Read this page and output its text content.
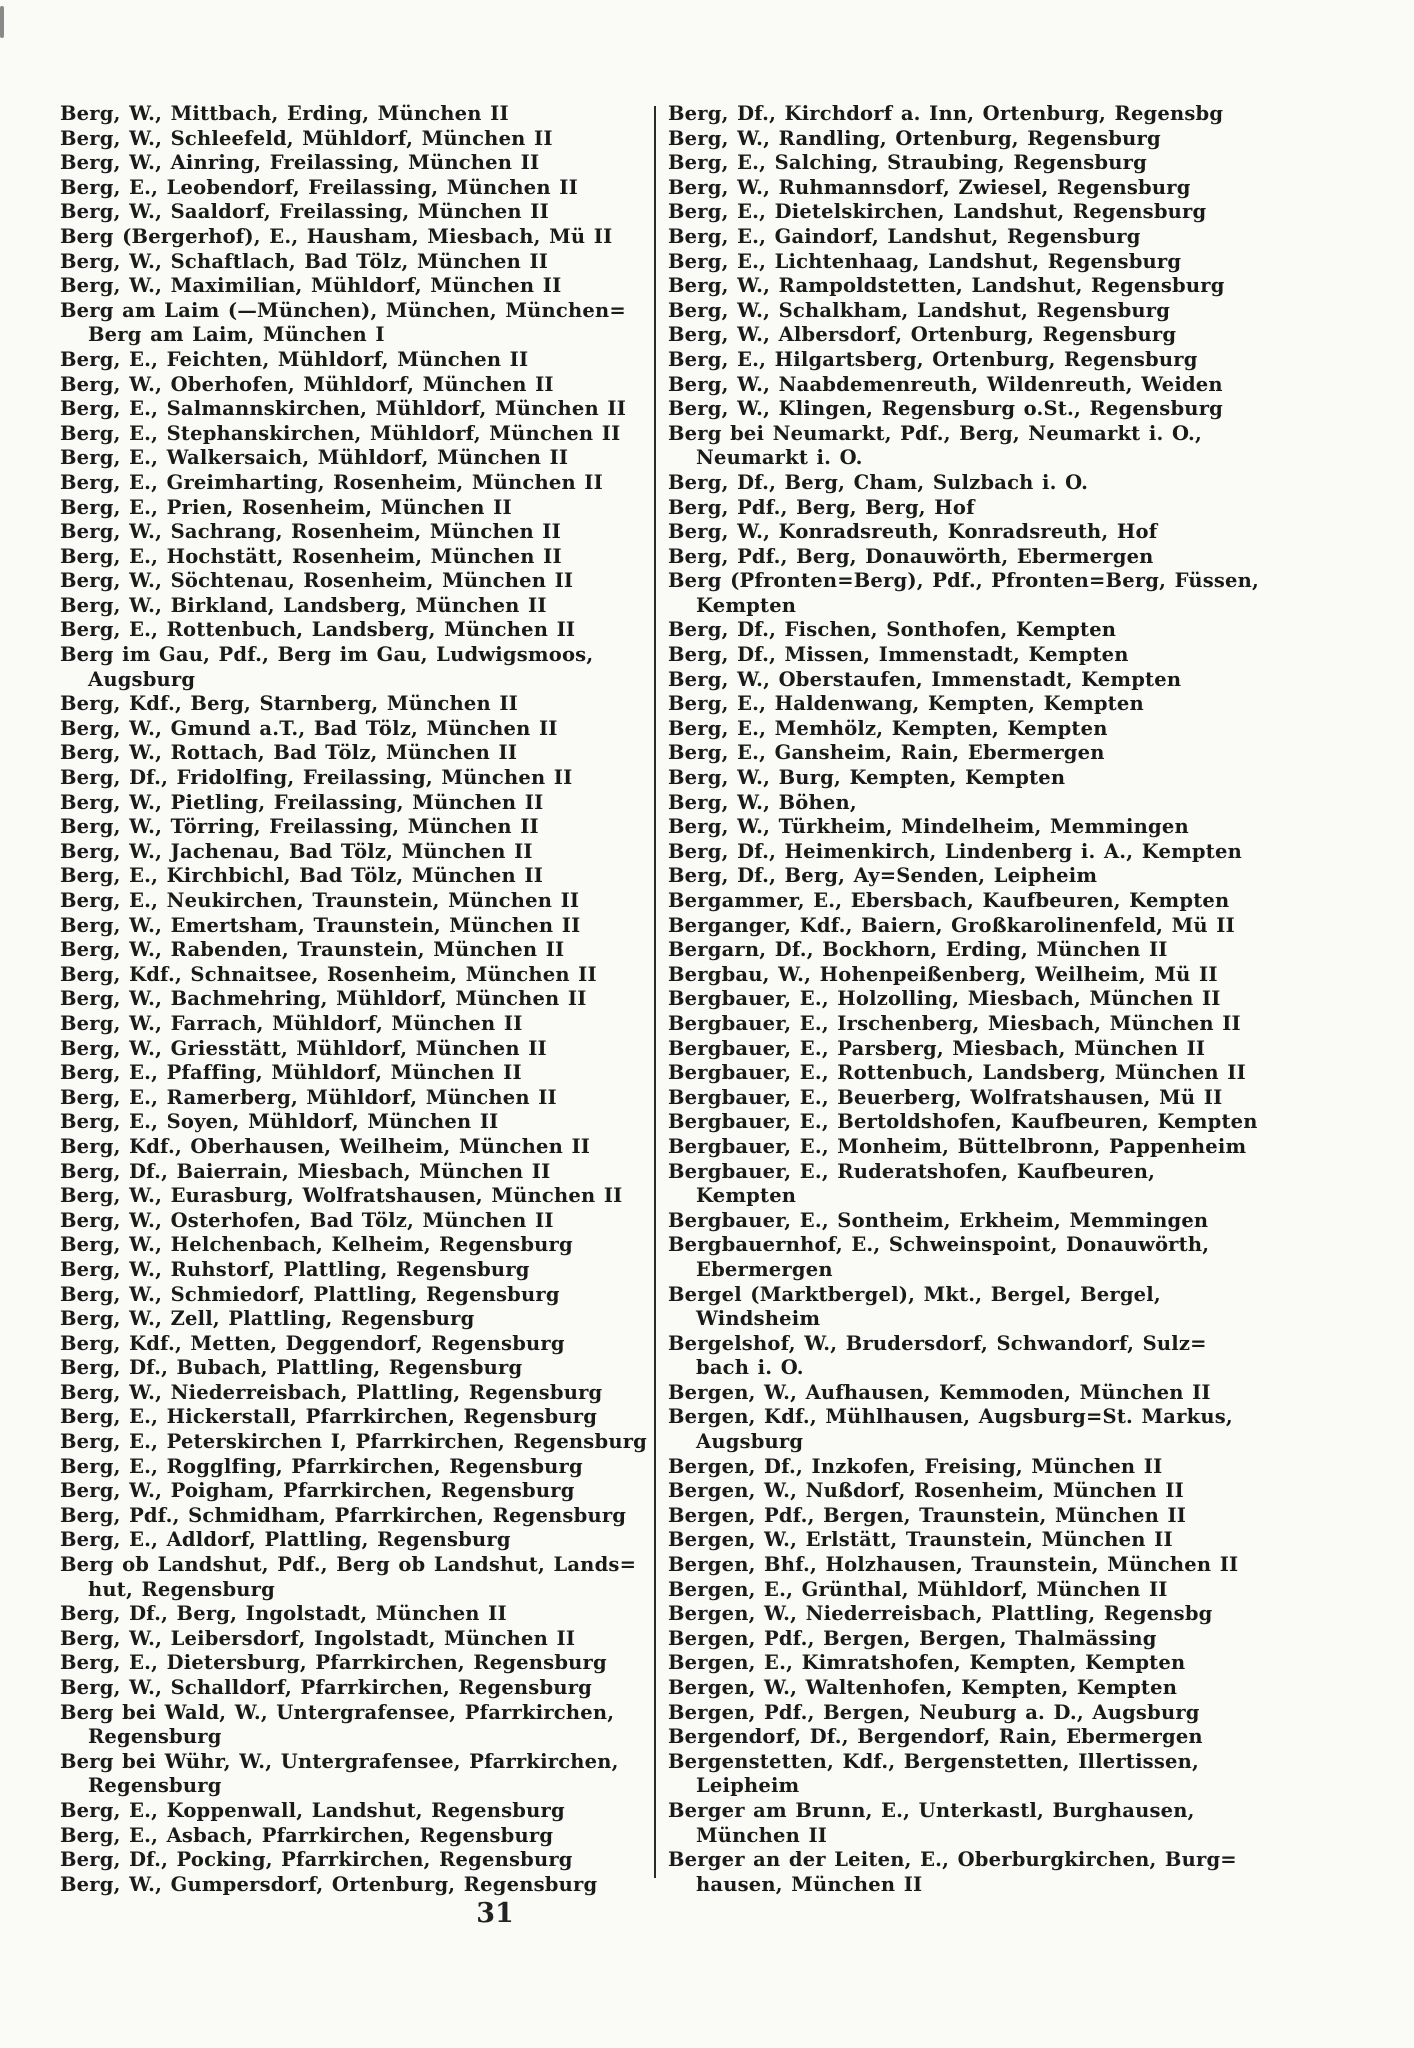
Berg, W., Mittbach, Erding, München II
Berg, W., Schleefeld, Mühldorf, München II
Berg, W., Ainring, Freilassing, München II
Berg, E., Leobendorf, Freilassing, München II
Berg, W., Saaldorf, Freilassing, München II
Berg (Bergerhof), E., Hausham, Miesbach, Mü II
Berg, W., Schaftlach, Bad Tölz, München II
Berg, W., Maximilian, Mühldorf, München II
Berg am Laim (—München), München, München=
Berg am Laim, München I
Berg, E., Feichten, Mühldorf, München II
Berg, W., Oberhofen, Mühldorf, München II
Berg, E., Salmannskirchen, Mühldorf, München II
Berg, E., Stephanskirchen, Mühldorf, München II
Berg, E., Walkersaich, Mühldorf, München II
Berg, E., Greimharting, Rosenheim, München II
Berg, E., Prien, Rosenheim, München II
Berg, W., Sachrang, Rosenheim, München II
Berg, E., Hochstätt, Rosenheim, München II
Berg, W., Söchtenau, Rosenheim, München II
Berg, W., Birkland, Landsberg, München II
Berg, E., Rottenbuch, Landsberg, München II
Berg im Gau, Pdf., Berg im Gau, Ludwigsmoos,
Augsburg
Berg, Kdf., Berg, Starnberg, München II
Berg, W., Gmund a.T., Bad Tölz, München II
Berg, W., Rottach, Bad Tölz, München II
Berg, Df., Fridolfing, Freilassing, München II
Berg, W., Pietling, Freilassing, München II
Berg, W., Törring, Freilassing, München II
Berg, W., Jachenau, Bad Tölz, München II
Berg, E., Kirchbichl, Bad Tölz, München II
Berg, E., Neukirchen, Traunstein, München II
Berg, W., Emertsham, Traunstein, München II
Berg, W., Rabenden, Traunstein, München II
Berg, Kdf., Schnaitsee, Rosenheim, München II
Berg, W., Bachmehring, Mühldorf, München II
Berg, W., Farrach, Mühldorf, München II
Berg, W., Griesstätt, Mühldorf, München II
Berg, E., Pfaffing, Mühldorf, München II
Berg, E., Ramerberg, Mühldorf, München II
Berg, E., Soyen, Mühldorf, München II
Berg, Kdf., Oberhausen, Weilheim, München II
Berg, Df., Baierrain, Miesbach, München II
Berg, W., Eurasburg, Wolfratshausen, München II
Berg, W., Osterhofen, Bad Tölz, München II
Berg, W., Helchenbach, Kelheim, Regensburg
Berg, W., Ruhstorf, Plattling, Regensburg
Berg, W., Schmiedorf, Plattling, Regensburg
Berg, W., Zell, Plattling, Regensburg
Berg, Kdf., Metten, Deggendorf, Regensburg
Berg, Df., Bubach, Plattling, Regensburg
Berg, W., Niederreisbach, Plattling, Regensburg
Berg, E., Hickerstall, Pfarrkirchen, Regensburg
Berg, E., Peterskirchen I, Pfarrkirchen, Regensburg
Berg, E., Rogglfing, Pfarrkirchen, Regensburg
Berg, W., Poigham, Pfarrkirchen, Regensburg
Berg, Pdf., Schmidham, Pfarrkirchen, Regensburg
Berg, E., Adldorf, Plattling, Regensburg
Berg ob Landshut, Pdf., Berg ob Landshut, Lands=
hut, Regensburg
Berg, Df., Berg, Ingolstadt, München II
Berg, W., Leibersdorf, Ingolstadt, München II
Berg, E., Dietersburg, Pfarrkirchen, Regensburg
Berg, W., Schalldorf, Pfarrkirchen, Regensburg
Berg bei Wald, W., Untergrafensee, Pfarrkirchen,
Regensburg
Berg bei Wühr, W., Untergrafensee, Pfarrkirchen,
Regensburg
Berg, E., Koppenwall, Landshut, Regensburg
Berg, E., Asbach, Pfarrkirchen, Regensburg
Berg, Df., Pocking, Pfarrkirchen, Regensburg
Berg, W., Gumpersdorf, Ortenburg, Regensburg
Berg, Df., Kirchdorf a. Inn, Ortenburg, Regensbg
Berg, W., Randling, Ortenburg, Regensburg
Berg, E., Salching, Straubing, Regensburg
Berg, W., Ruhmannsdorf, Zwiesel, Regensburg
Berg, E., Dietelskirchen, Landshut, Regensburg
Berg, E., Gaindorf, Landshut, Regensburg
Berg, E., Lichtenhaag, Landshut, Regensburg
Berg, W., Rampoldstetten, Landshut, Regensburg
Berg, W., Schalkham, Landshut, Regensburg
Berg, W., Albersdorf, Ortenburg, Regensburg
Berg, E., Hilgartsberg, Ortenburg, Regensburg
Berg, W., Naabdemenreuth, Wildenreuth, Weiden
Berg, W., Klingen, Regensburg o.St., Regensburg
Berg bei Neumarkt, Pdf., Berg, Neumarkt i. O.,
Neumarkt i. O.
Berg, Df., Berg, Cham, Sulzbach i. O.
Berg, Pdf., Berg, Berg, Hof
Berg, W., Konradsreuth, Konradsreuth, Hof
Berg, Pdf., Berg, Donauwörth, Ebermergen
Berg (Pfronten=Berg), Pdf., Pfronten=Berg, Füssen,
Kempten
Berg, Df., Fischen, Sonthofen, Kempten
Berg, Df., Missen, Immenstadt, Kempten
Berg, W., Oberstaufen, Immenstadt, Kempten
Berg, E., Haldenwang, Kempten, Kempten
Berg, E., Memhölz, Kempten, Kempten
Berg, E., Gansheim, Rain, Ebermergen
Berg, W., Burg, Kempten, Kempten
Berg, W., Böhen,
Berg, W., Türkheim, Mindelheim, Memmingen
Berg, Df., Heimenkirch, Lindenberg i. A., Kempten
Berg, Df., Berg, Ay=Senden, Leipheim
Bergammer, E., Ebersbach, Kaufbeuren, Kempten
Berganger, Kdf., Baiern, Großkarolinenfeld, Mü II
Bergarn, Df., Bockhorn, Erding, München II
Bergbau, W., Hohenpeißenberg, Weilheim, Mü II
Bergbauer, E., Holzolling, Miesbach, München II
Bergbauer, E., Irschenberg, Miesbach, München II
Bergbauer, E., Parsberg, Miesbach, München II
Bergbauer, E., Rottenbuch, Landsberg, München II
Bergbauer, E., Beuerberg, Wolfratshausen, Mü II
Bergbauer, E., Bertoldshofen, Kaufbeuren, Kempten
Bergbauer, E., Monheim, Büttelbronn, Pappenheim
Bergbauer, E., Ruderatshofen, Kaufbeuren,
Kempten
Bergbauer, E., Sontheim, Erkheim, Memmingen
Bergbauernhof, E., Schweinspoint, Donauwörth,
Ebermergen
Bergel (Marktbergel), Mkt., Bergel, Bergel,
Windsheim
Bergelshof, W., Brudersdorf, Schwandorf, Sulz=
bach i. O.
Bergen, W., Aufhausen, Kemmoden, München II
Bergen, Kdf., Mühlhausen, Augsburg=St. Markus,
Augsburg
Bergen, Df., Inzkofen, Freising, München II
Bergen, W., Nußdorf, Rosenheim, München II
Bergen, Pdf., Bergen, Traunstein, München II
Bergen, W., Erlstätt, Traunstein, München II
Bergen, Bhf., Holzhausen, Traunstein, München II
Bergen, E., Grünthal, Mühldorf, München II
Bergen, W., Niederreisbach, Plattling, Regensbg
Bergen, Pdf., Bergen, Bergen, Thalmässing
Bergen, E., Kimratshofen, Kempten, Kempten
Bergen, W., Waltenhofen, Kempten, Kempten
Bergen, Pdf., Bergen, Neuburg a. D., Augsburg
Bergendorf, Df., Bergendorf, Rain, Ebermergen
Bergenstetten, Kdf., Bergenstetten, Illertissen,
Leipheim
Berger am Brunn, E., Unterkastl, Burghausen,
München II
Berger an der Leiten, E., Oberburgkirchen, Burg=
hausen, München II
31
